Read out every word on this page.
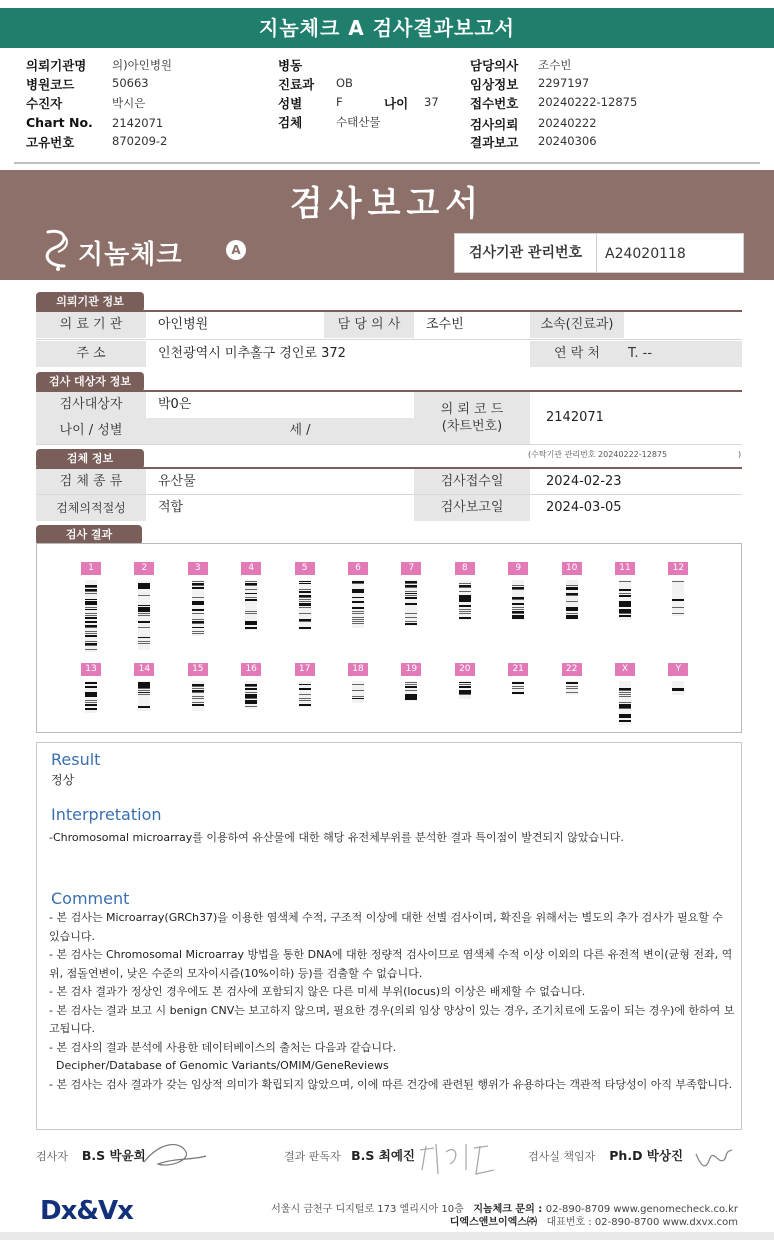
지놈체크 A 검사결과보고서
의뢰기관명 의)아인병원
병원코드	50663
수진자	박시은
Chart No. 2142071
고유번호	870209-2
병동
진료과 OB
성별	F	나이 37
검체	수태산물
담당의사 조수빈
임상정보 2297197
접수번호 20240222-12875
검사의뢰 20240222
결과보고 20240306
검사보고서
지놈체크	A	검사기관 관리번호	A24020118
의뢰기관 정보
의 료 기 관	아인병원	담 당 의 사	조수빈	소속(진료과)
주 소	인천광역시 미추홀구 경인로 372	연 락 처	T. --
검사 대상자 정보
검사대상자	박0은
나이 / 성별	세 /
의 뢰 코 드
(차트번호)
2142071
검체 정보	(수탁기관 관리번호 20240222-12875	)
검 체 종 류	유산물	검사접수일	2024-02-23
검체의적절성	적합	검사보고일	2024-03-05
검사 결과
1	2	3	4	5	6	7	8	9	10	11	12
13	14	15	16	17	18	19	20	21	22	X	Y
Result
정상
Interpretation
-Chromosomal microarray를 이용하여 유산물에 대한 해당 유전체부위를 분석한 결과 특이점이 발견되지 않았습니다.
Comment
- 본 검사는 Microarray(GRCh37)을 이용한 염색체 수적, 구조적 이상에 대한 선별 검사이며, 확진을 위해서는 별도의 추가 검사가 필요할 수 있습니다.
- 본 검사는 Chromosomal Microarray 방법을 통한 DNA에 대한 정량적 검사이므로 염색체 수적 이상 이외의 다른 유전적 변이(균형 전좌, 역위, 점돌연변이, 낮은 수준의 모자이시즘(10%이하) 등)를 검출할 수 없습니다.
- 본 검사 결과가 정상인 경우에도 본 검사에 포함되지 않은 다른 미세 부위(locus)의 이상은 배제할 수 없습니다.
- 본 검사는 결과 보고 시 benign CNV는 보고하지 않으며, 필요한 경우(의뢰 임상 양상이 있는 경우, 조기치료에 도움이 되는 경우)에 한하여 보고됩니다.
- 본 검사의 결과 분석에 사용한 데이터베이스의 출처는 다음과 같습니다.
Decipher/Database of Genomic Variants/OMIM/GeneReviews
- 본 검사는 검사 결과가 갖는 임상적 의미가 확립되지 않았으며, 이에 따른 건강에 관련된 행위가 유용하다는 객관적 타당성이 아직 부족합니다.
검사자 B.S 박윤희	결과 판독자 B.S 최예진	검사실 책임자 Ph.D 박상진
Dx&Vx	서울시 금천구 디지털로 173 엘리시아 10층 지놈체크 문의 : 02-890-8709 www.genomecheck.co.kr
디엑스앤브이엑스㈜ 대표번호 : 02-890-8700 www.dxvx.com
